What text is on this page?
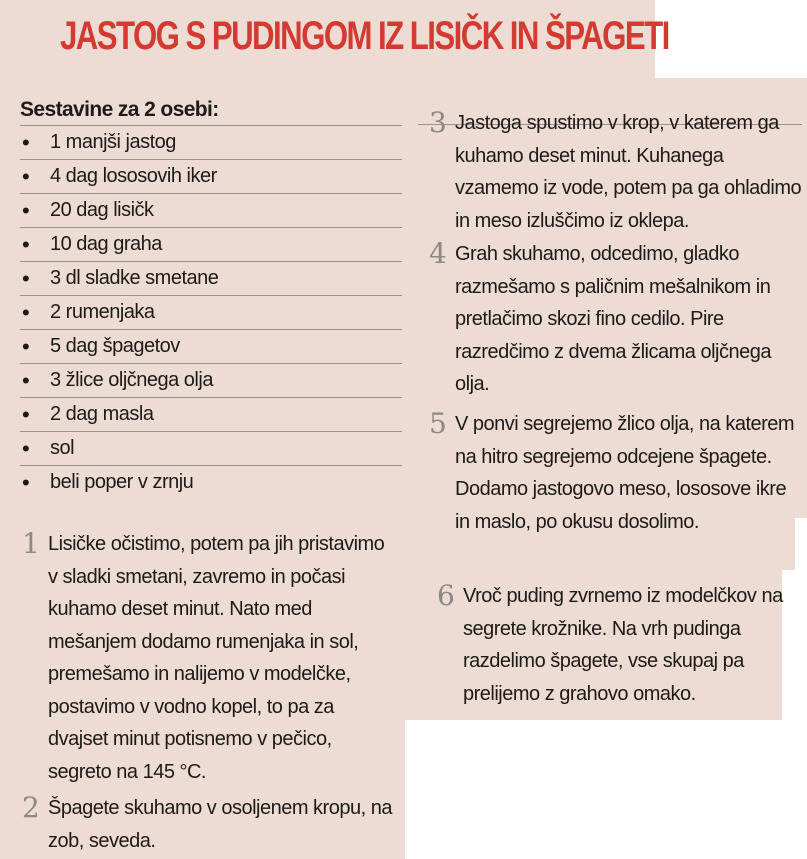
JASTOG S PUDINGOM IZ LISIČK IN ŠPAGETI
Sestavine za 2 osebi:
•	1 manjši jastog
•	4 dag lososovih iker
•	20 dag lisičk
•	10 dag graha
•	3 dl sladke smetane
•	2 rumenjaka
•	5 dag špagetov
•	3 žlice oljčnega olja
•	2 dag masla
•	sol
•	beli poper v zrnju
1 Lisičke očistimo, potem pa jih pristavimo v sladki smetani, zavremo in počasi kuhamo deset minut. Nato med mešanjem dodamo rumenjaka in sol, premešamo in nalijemo v modelčke, postavimo v vodno kopel, to pa za dvajset minut potisnemo v pečico, segreto na 145 °C.

2 Špagete skuhamo v osoljenem kropu, na zob, seveda.

3 Jastoga spustimo v krop, v katerem ga kuhamo deset minut. Kuhanega vzamemo iz vode, potem pa ga ohladimo in meso izluščimo iz oklepa.

4 Grah skuhamo, odcedimo, gladko razmešamo s paličnim mešalnikom in pretlačimo skozi fino cedilo. Pire razredčimo z dvema žlicama oljčnega olja.

5 V ponvi segrejemo žlico olja, na katerem na hitro segrejemo odcejene špagete. Dodamo jastogovo meso, lososove ikre in maslo, po okusu dosolimo.

6 Vroč puding zvrnemo iz modelčkov na segrete krožnike. Na vrh pudinga razdelimo špagete, vse skupaj pa prelijemo z grahovo omako.
